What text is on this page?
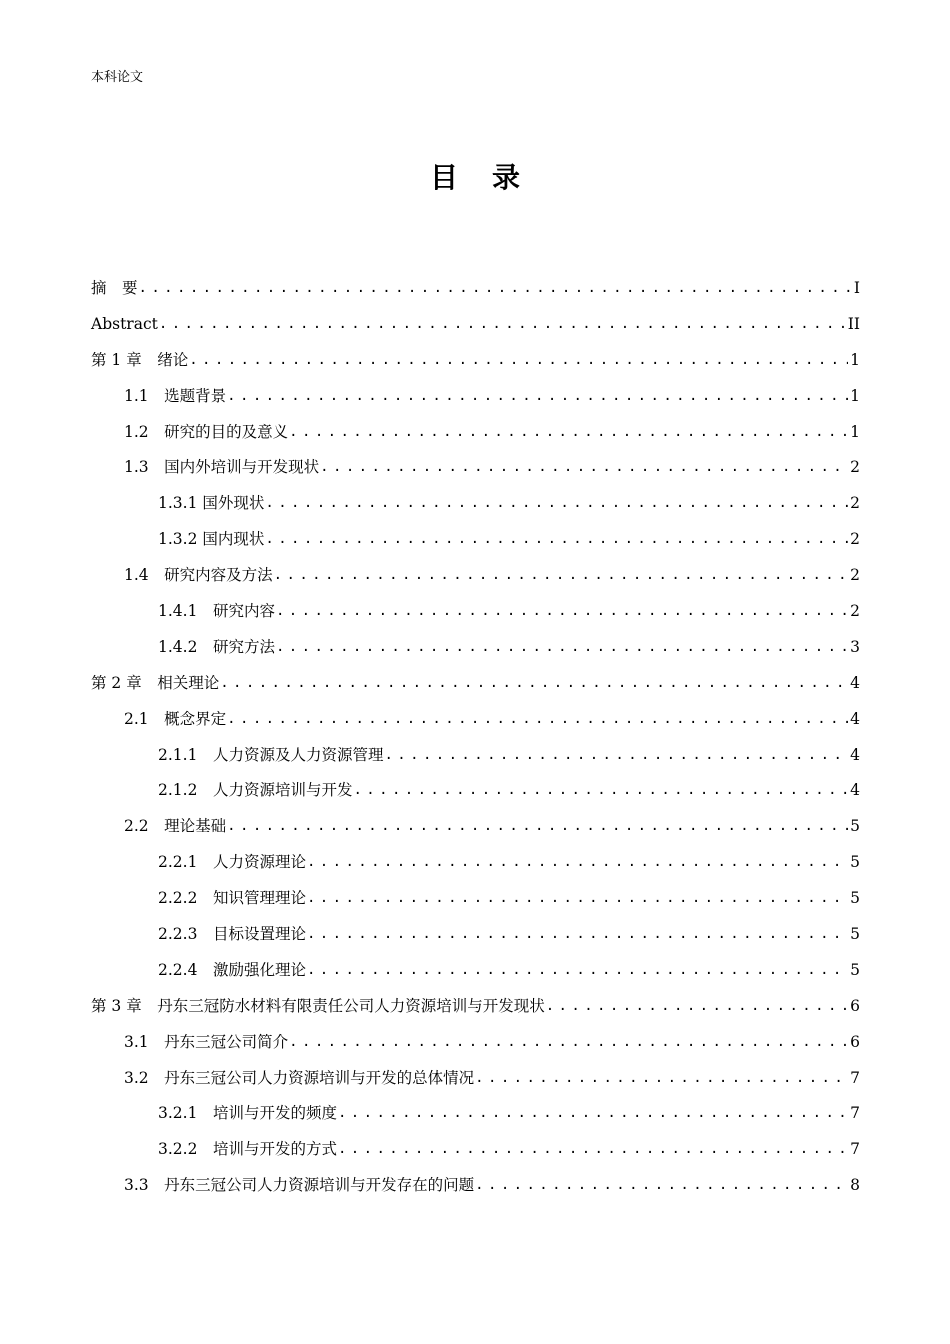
本科论文
目录
摘　要 .....	I
Abstract .....	II
第 1 章　绪论 .....	1
1.1　选题背景 .....	1
1.2　研究的目的及意义 .....	1
1.3　国内外培训与开发现状 .....	2
1.3.1 国外现状 .....	2
1.3.2 国内现状 .....	2
1.4　研究内容及方法 .....	2
1.4.1　研究内容 .....	2
1.4.2　研究方法 .....	3
第 2 章　相关理论 .....	4
2.1　概念界定 .....	4
2.1.1　人力资源及人力资源管理 .....	4
2.1.2　人力资源培训与开发 .....	4
2.2　理论基础 .....	5
2.2.1　人力资源理论 .....	5
2.2.2　知识管理理论 .....	5
2.2.3　目标设置理论 .....	5
2.2.4　激励强化理论 .....	5
第 3 章　丹东三冠防水材料有限责任公司人力资源培训与开发现状 .....	6
3.1　丹东三冠公司简介 .....	6
3.2　丹东三冠公司人力资源培训与开发的总体情况 .....	7
3.2.1　培训与开发的频度 .....	7
3.2.2　培训与开发的方式 .....	7
3.3　丹东三冠公司人力资源培训与开发存在的问题 .....	8
